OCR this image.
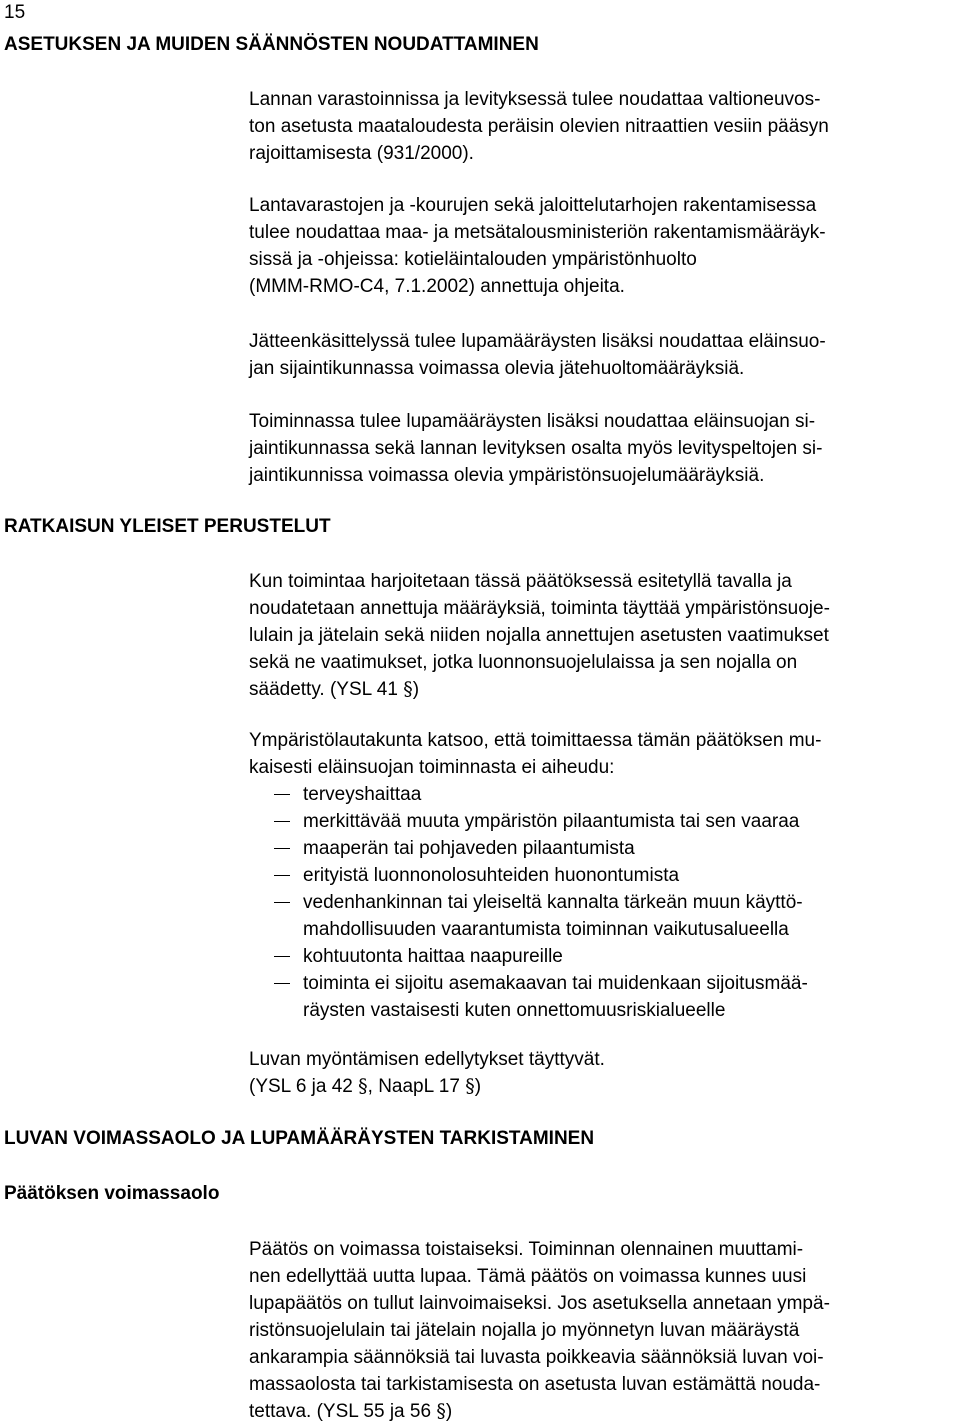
15
ASETUKSEN JA MUIDEN SÄÄNNÖSTEN NOUDATTAMINEN
Lannan varastoinnissa ja levityksessä tulee noudattaa valtioneuvos-
ton asetusta maataloudesta peräisin olevien nitraattien vesiin pääsyn
rajoittamisesta (931/2000).
Lantavarastojen ja -kourujen sekä jaloittelutarhojen rakentamisessa
tulee noudattaa maa- ja metsätalousministeriön rakentamismääräyk-
sissä ja -ohjeissa: kotieläintalouden ympäristönhuolto
(MMM-RMO-C4, 7.1.2002) annettuja ohjeita.
Jätteenkäsittelyssä tulee lupamääräysten lisäksi noudattaa eläinsuo-
jan sijaintikunnassa voimassa olevia jätehuoltomääräyksiä.
Toiminnassa tulee lupamääräysten lisäksi noudattaa eläinsuojan si-
jaintikunnassa sekä lannan levityksen osalta myös levityspeltojen si-
jaintikunnissa voimassa olevia ympäristönsuojelumääräyksiä.
RATKAISUN YLEISET PERUSTELUT
Kun toimintaa harjoitetaan tässä päätöksessä esitetyllä tavalla ja
noudatetaan annettuja määräyksiä, toiminta täyttää ympäristönsuoje-
lulain ja jätelain sekä niiden nojalla annettujen asetusten vaatimukset
sekä ne vaatimukset, jotka luonnonsuojelulaissa ja sen nojalla on
säädetty. (YSL 41 §)
Ympäristölautakunta katsoo, että toimittaessa tämän päätöksen mu-
kaisesti eläinsuojan toiminnasta ei aiheudu:
terveyshaittaa
merkittävää muuta ympäristön pilaantumista tai sen vaaraa
maaperän tai pohjaveden pilaantumista
erityistä luonnonolosuhteiden huonontumista
vedenhankinnan tai yleiseltä kannalta tärkeän muun käyttö-
mahdollisuuden vaarantumista toiminnan vaikutusalueella
kohtuutonta haittaa naapureille
toiminta ei sijoitu asemakaavan tai muidenkaan sijoitusmää-
räysten vastaisesti kuten onnettomuusriskialueelle
Luvan myöntämisen edellytykset täyttyvät.
(YSL 6 ja 42 §, NaapL 17 §)
LUVAN VOIMASSAOLO JA LUPAMÄÄRÄYSTEN TARKISTAMINEN
Päätöksen voimassaolo
Päätös on voimassa toistaiseksi. Toiminnan olennainen muuttami-
nen edellyttää uutta lupaa. Tämä päätös on voimassa kunnes uusi
lupapäätös on tullut lainvoimaiseksi. Jos asetuksella annetaan ympä-
ristönsuojelulain tai jätelain nojalla jo myönnetyn luvan määräystä
ankarampia säännöksiä tai luvasta poikkeavia säännöksiä luvan voi-
massaolosta tai tarkistamisesta on asetusta luvan estämättä nouda-
tettava. (YSL 55 ja 56 §)
